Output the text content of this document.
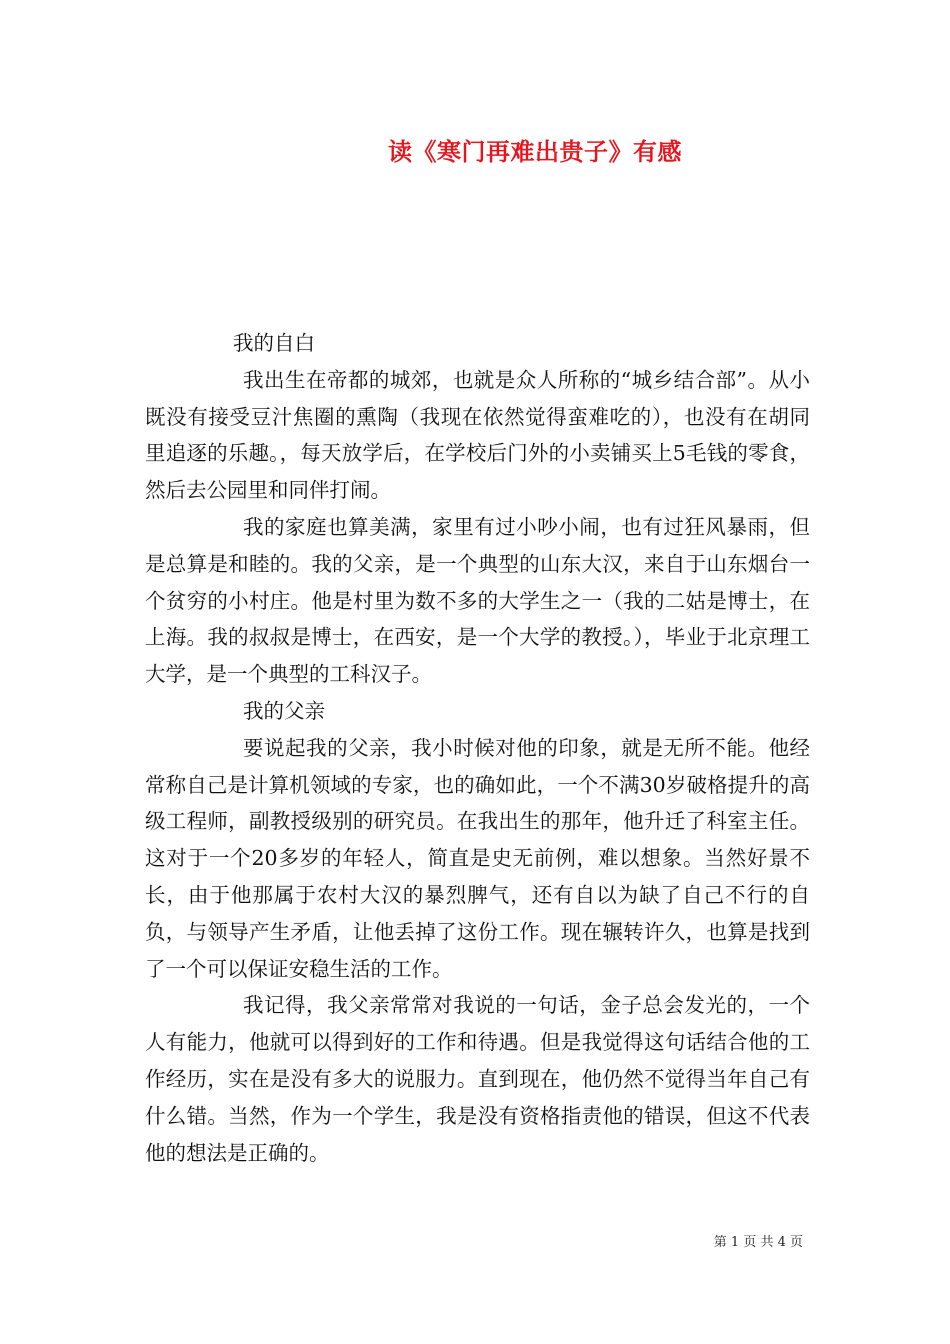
读《寒门再难出贵子》有感

我的自白

我出生在帝都的城郊，也就是众人所称的“城乡结合部”。从小既没有接受豆汁焦圈的熏陶（我现在依然觉得蛮难吃的），也没有在胡同里追逐的乐趣。，每天放学后，在学校后门外的小卖铺买上5毛钱的零食，然后去公园里和同伴打闹。

我的家庭也算美满，家里有过小吵小闹，也有过狂风暴雨，但是总算是和睦的。我的父亲，是一个典型的山东大汉，来自于山东烟台一个贫穷的小村庄。他是村里为数不多的大学生之一（我的二姑是博士，在上海。我的叔叔是博士，在西安，是一个大学的教授。），毕业于北京理工大学，是一个典型的工科汉子。

我的父亲

要说起我的父亲，我小时候对他的印象，就是无所不能。他经常称自己是计算机领域的专家，也的确如此，一个不满30岁破格提升的高级工程师，副教授级别的研究员。在我出生的那年，他升迁了科室主任。这对于一个20多岁的年轻人，简直是史无前例，难以想象。当然好景不长，由于他那属于农村大汉的暴烈脾气，还有自以为缺了自己不行的自负，与领导产生矛盾，让他丢掉了这份工作。现在辗转许久，也算是找到了一个可以保证安稳生活的工作。

我记得，我父亲常常对我说的一句话，金子总会发光的，一个人有能力，他就可以得到好的工作和待遇。但是我觉得这句话结合他的工作经历，实在是没有多大的说服力。直到现在，他仍然不觉得当年自己有什么错。当然，作为一个学生，我是没有资格指责他的错误，但这不代表他的想法是正确的。

第 1 页 共 4 页
